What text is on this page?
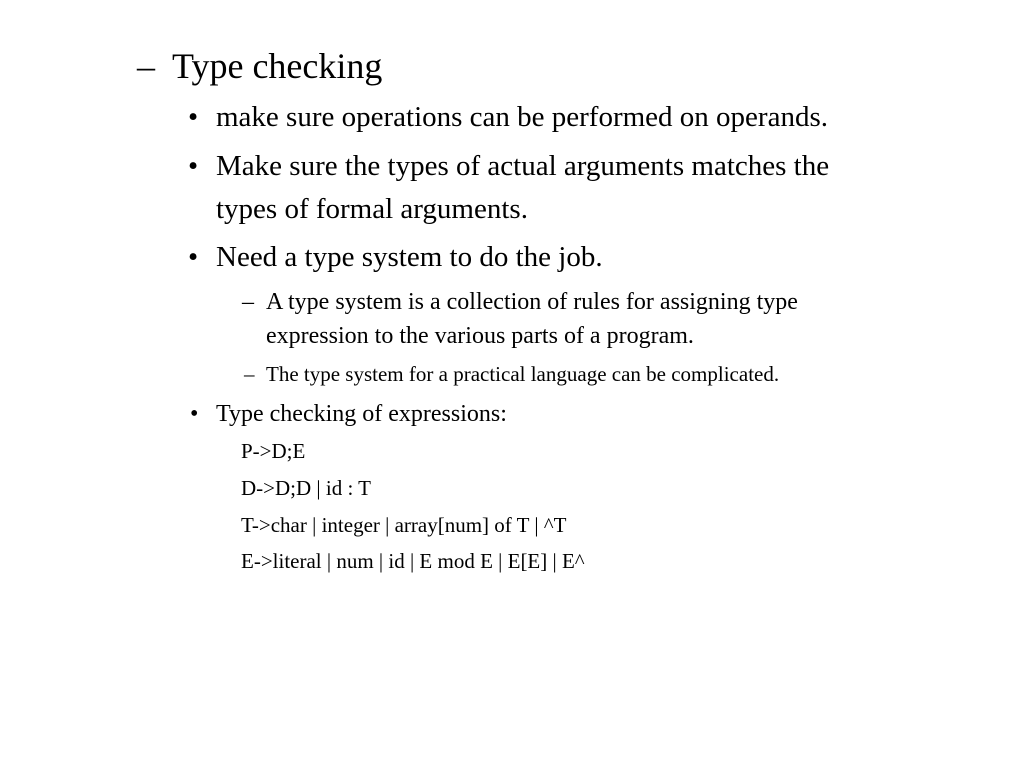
– Type checking
• make sure operations can be performed on operands.
• Make sure the types of actual arguments matches the
types of formal arguments.
• Need a type system to do the job.
– A type system is a collection of rules for assigning type
expression to the various parts of a program.
– The type system for a practical language can be complicated.
• Type checking of expressions:
P->D;E
D->D;D | id : T
T->char | integer | array[num] of T | ^T
E->literal | num | id | E mod E | E[E] | E^
